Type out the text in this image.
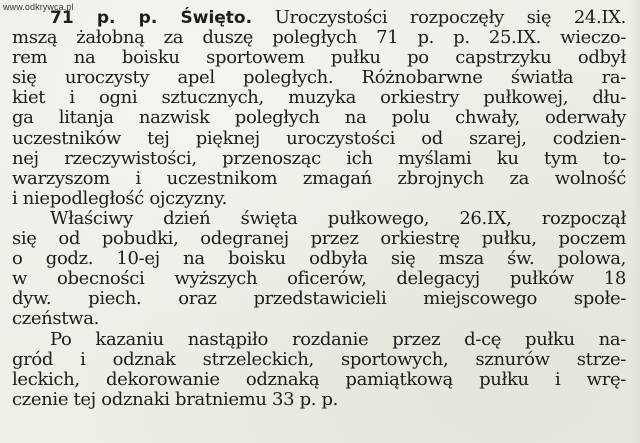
www.odkrywca.pl
71 p. p. Święto. Uroczystości rozpoczęły się 24.IX.
mszą żałobną za duszę poległych 71 p. p. 25.IX. wieczo-
rem na boisku sportowem pułku po capstrzyku odbył
się uroczysty apel poległych. Różnobarwne światła ra-
kiet i ogni sztucznych, muzyka orkiestry pułkowej, dłu-
ga litanja nazwisk poległych na polu chwały, oderwały
uczestników tej pięknej uroczystości od szarej, codzien-
nej rzeczywistości, przenosząc ich myślami ku tym to-
warzyszom i uczestnikom zmagań zbrojnych za wolność
i niepodległość ojczyzny.
Właściwy dzień święta pułkowego, 26.IX, rozpoczął
się od pobudki, odegranej przez orkiestrę pułku, poczem
o godz. 10-ej na boisku odbyła się msza św. polowa,
w obecności wyższych oficerów, delegacyj pułków 18
dyw. piech. oraz przedstawicieli miejscowego społe-
czeństwa.
Po kazaniu nastąpiło rozdanie przez d-cę pułku na-
gród i odznak strzeleckich, sportowych, sznurów strze-
leckich, dekorowanie odznaką pamiątkową pułku i wrę-
czenie tej odznaki bratniemu 33 p. p.
